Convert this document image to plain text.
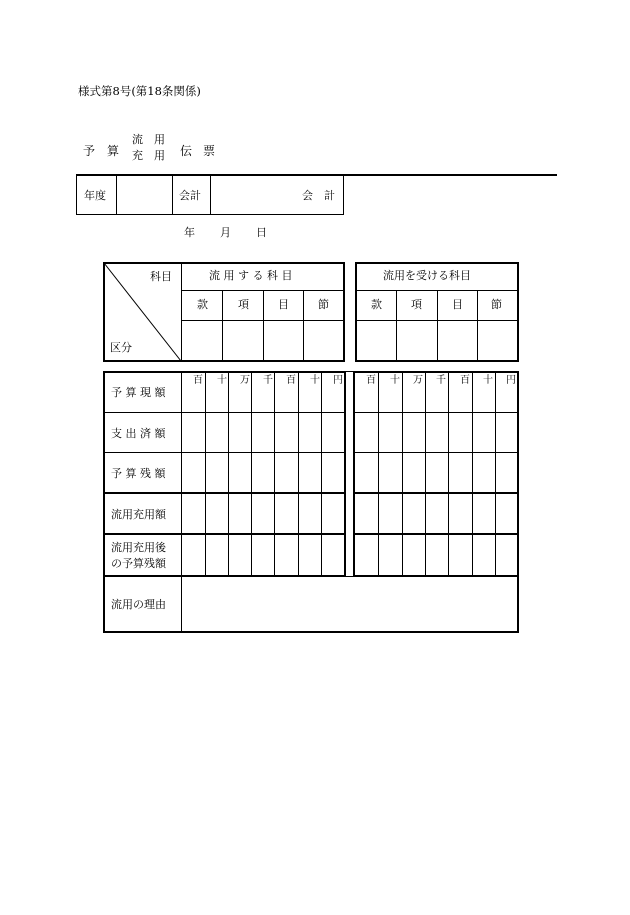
様式第8号(第18条関係)
予 算
流　用
充　用 伝 票
年度	会計	会　計
年 月 日
科目
区分
流 用 す る 科 目
款	項	目	節
流用を受ける科目
款	項	目	節
百 十 万 千 百 十 円 百 十 万 千 百 十 円
予 算 現 額
支 出 済 額
予 算 残 額
流用充用額
流用充用後
の予算残額
流用の理由
